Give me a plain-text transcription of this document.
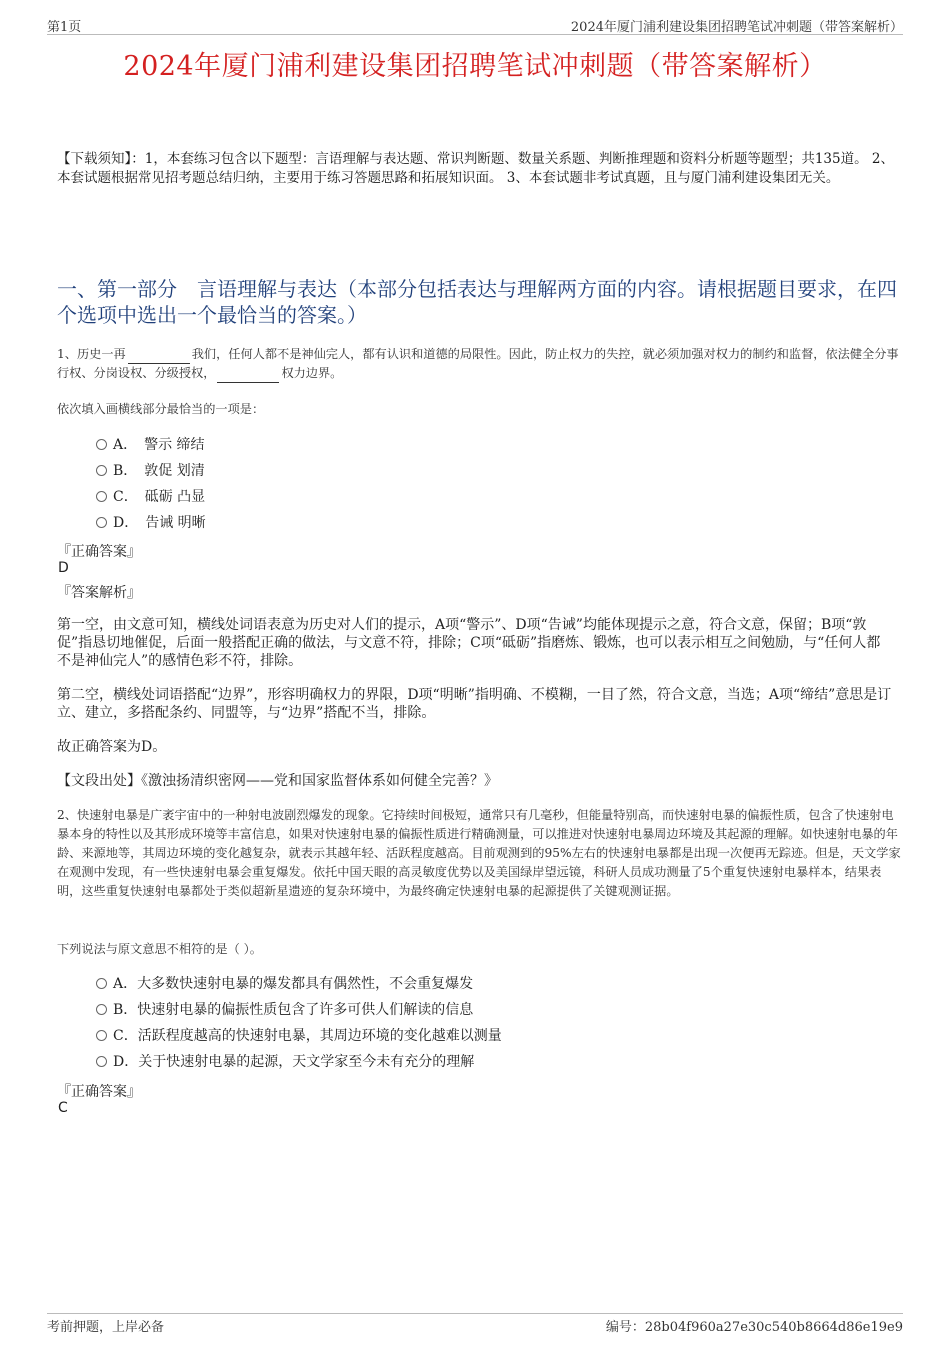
第1页	2024年厦门浦利建设集团招聘笔试冲刺题（带答案解析）
2024年厦门浦利建设集团招聘笔试冲刺题（带答案解析）
【下载须知】：1，本套练习包含以下题型：言语理解与表达题、常识判断题、数量关系题、判断推理题和资料分析题等题型；共135道。 2、本套试题根据常见招考题总结归纳，主要用于练习答题思路和拓展知识面。 3、本套试题非考试真题，且与厦门浦利建设集团无关。
一、第一部分　言语理解与表达（本部分包括表达与理解两方面的内容。请根据题目要求，在四个选项中选出一个最恰当的答案。）
1、历史一再	我们，任何人都不是神仙完人，都有认识和道德的局限性。因此，防止权力的失控，就必须加强对权力的制约和监督，依法健全分事行权、分岗设权、分级授权，	权力边界。
依次填入画横线部分最恰当的一项是：
A．　警示 缔结
B．　敦促 划清
C．　砥砺 凸显
D．　告诫 明晰
『正确答案』
D
『答案解析』
第一空，由文意可知，横线处词语表意为历史对人们的提示，A项“警示”、D项“告诫”均能体现提示之意，符合文意，保留；B项“敦促”指恳切地催促，后面一般搭配正确的做法，与文意不符，排除；C项“砥砺”指磨炼、锻炼，也可以表示相互之间勉励，与“任何人都不是神仙完人”的感情色彩不符，排除。
第二空，横线处词语搭配“边界”，形容明确权力的界限，D项“明晰”指明确、不模糊，一目了然，符合文意，当选；A项“缔结”意思是订立、建立，多搭配条约、同盟等，与“边界”搭配不当，排除。
故正确答案为D。
【文段出处】《激浊扬清织密网——党和国家监督体系如何健全完善？》
2、快速射电暴是广袤宇宙中的一种射电波剧烈爆发的现象。它持续时间极短，通常只有几毫秒，但能量特别高，而快速射电暴的偏振性质，包含了快速射电暴本身的特性以及其形成环境等丰富信息，如果对快速射电暴的偏振性质进行精确测量，可以推进对快速射电暴周边环境及其起源的理解。如快速射电暴的年龄、来源地等，其周边环境的变化越复杂，就表示其越年轻、活跃程度越高。目前观测到的95%左右的快速射电暴都是出现一次便再无踪迹。但是，天文学家在观测中发现，有一些快速射电暴会重复爆发。依托中国天眼的高灵敏度优势以及美国绿岸望远镜，科研人员成功测量了5个重复快速射电暴样本，结果表明，这些重复快速射电暴都处于类似超新星遗迹的复杂环境中，为最终确定快速射电暴的起源提供了关键观测证据。
下列说法与原文意思不相符的是（ ）。
A．大多数快速射电暴的爆发都具有偶然性，不会重复爆发
B．快速射电暴的偏振性质包含了许多可供人们解读的信息
C．活跃程度越高的快速射电暴，其周边环境的变化越难以测量
D．关于快速射电暴的起源，天文学家至今未有充分的理解
『正确答案』
C
考前押题，上岸必备	编号：28b04f960a27e30c540b8664d86e19e9
